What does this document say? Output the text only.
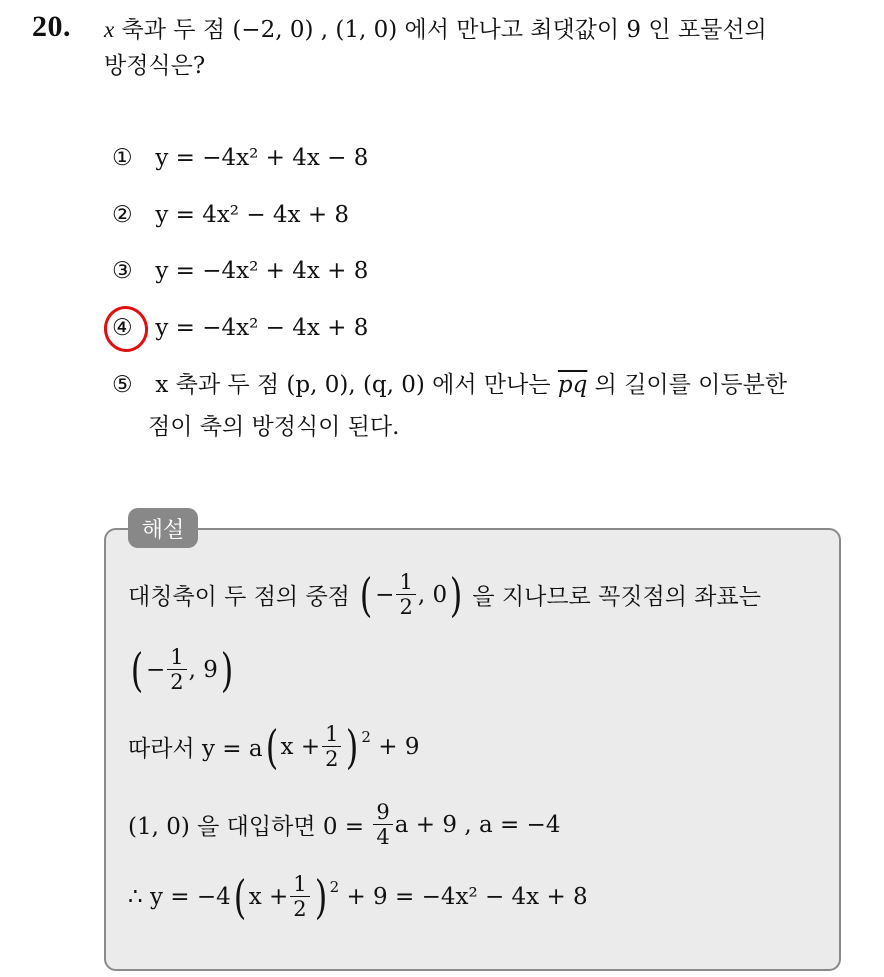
20. x 축과 두 점 (−2, 0) , (1, 0) 에서 만나고 최댓값이 9 인 포물선의
방정식은?
① y = −4x² + 4x − 8
② y = 4x² − 4x + 8
③ y = −4x² + 4x + 8
④ y = −4x² − 4x + 8
⑤ x 축과 두 점 (p, 0), (q, 0) 에서 만나는 $\overline{pq}$ 의 길이를 이등분한
점이 축의 방정식이 된다.
해설
대칭축이 두 점의 중점
( − $\frac{1}{2}$ , 0 )
을 지나므로 꼭짓점의 좌표는
( − $\frac{1}{2}$ , 9 )
따라서 y = a ( $x + \frac{1}{2} )^2$
+ 9
(1, 0) 을 대입하면 0 =
$\frac{9}{4}$ a + 9 , a = −4
∴ y = −4 ( $x + \frac{1}{2} )^2$
+ 9 = −4x² − 4x + 8
